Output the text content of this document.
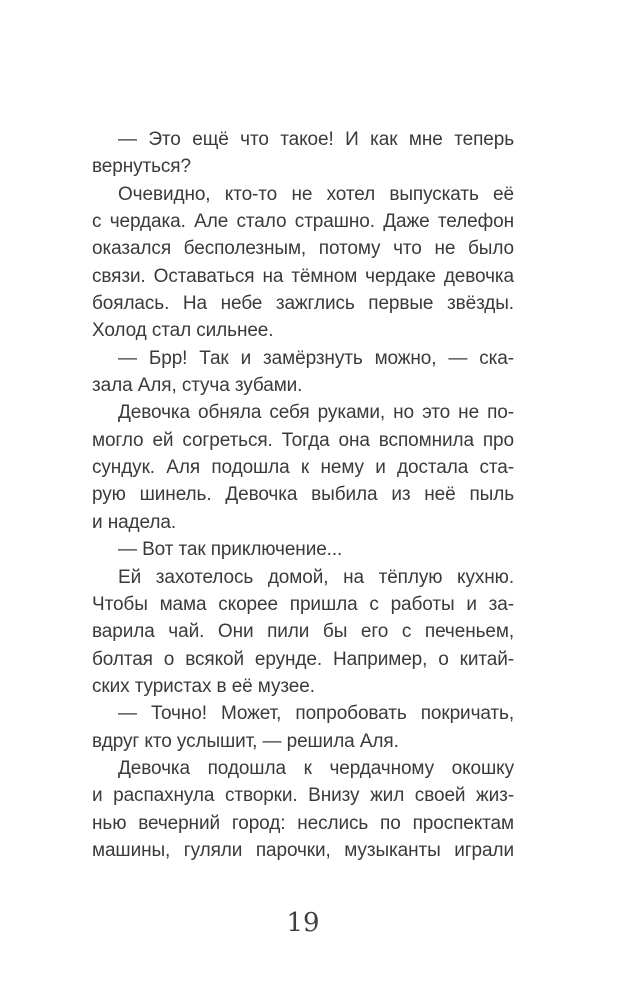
— Это ещё что такое! И как мне теперь
вернуться?
Очевидно, кто-то не хотел выпускать её
с чердака. Але стало страшно. Даже телефон
оказался бесполезным, потому что не было
связи. Оставаться на тёмном чердаке девочка
боялась. На небе зажглись первые звёзды.
Холод стал сильнее.
— Брр! Так и замёрзнуть можно, — ска-
зала Аля, стуча зубами.
Девочка обняла себя руками, но это не по-
могло ей согреться. Тогда она вспомнила про
сундук. Аля подошла к нему и достала ста-
рую шинель. Девочка выбила из неё пыль
и надела.
— Вот так приключение...
Ей захотелось домой, на тёплую кухню.
Чтобы мама скорее пришла с работы и за-
варила чай. Они пили бы его с печеньем,
болтая о всякой ерунде. Например, о китай-
ских туристах в её музее.
— Точно! Может, попробовать покричать,
вдруг кто услышит, — решила Аля.
Девочка подошла к чердачному окошку
и распахнула створки. Внизу жил своей жиз-
нью вечерний город: неслись по проспектам
машины, гуляли парочки, музыканты играли
19
